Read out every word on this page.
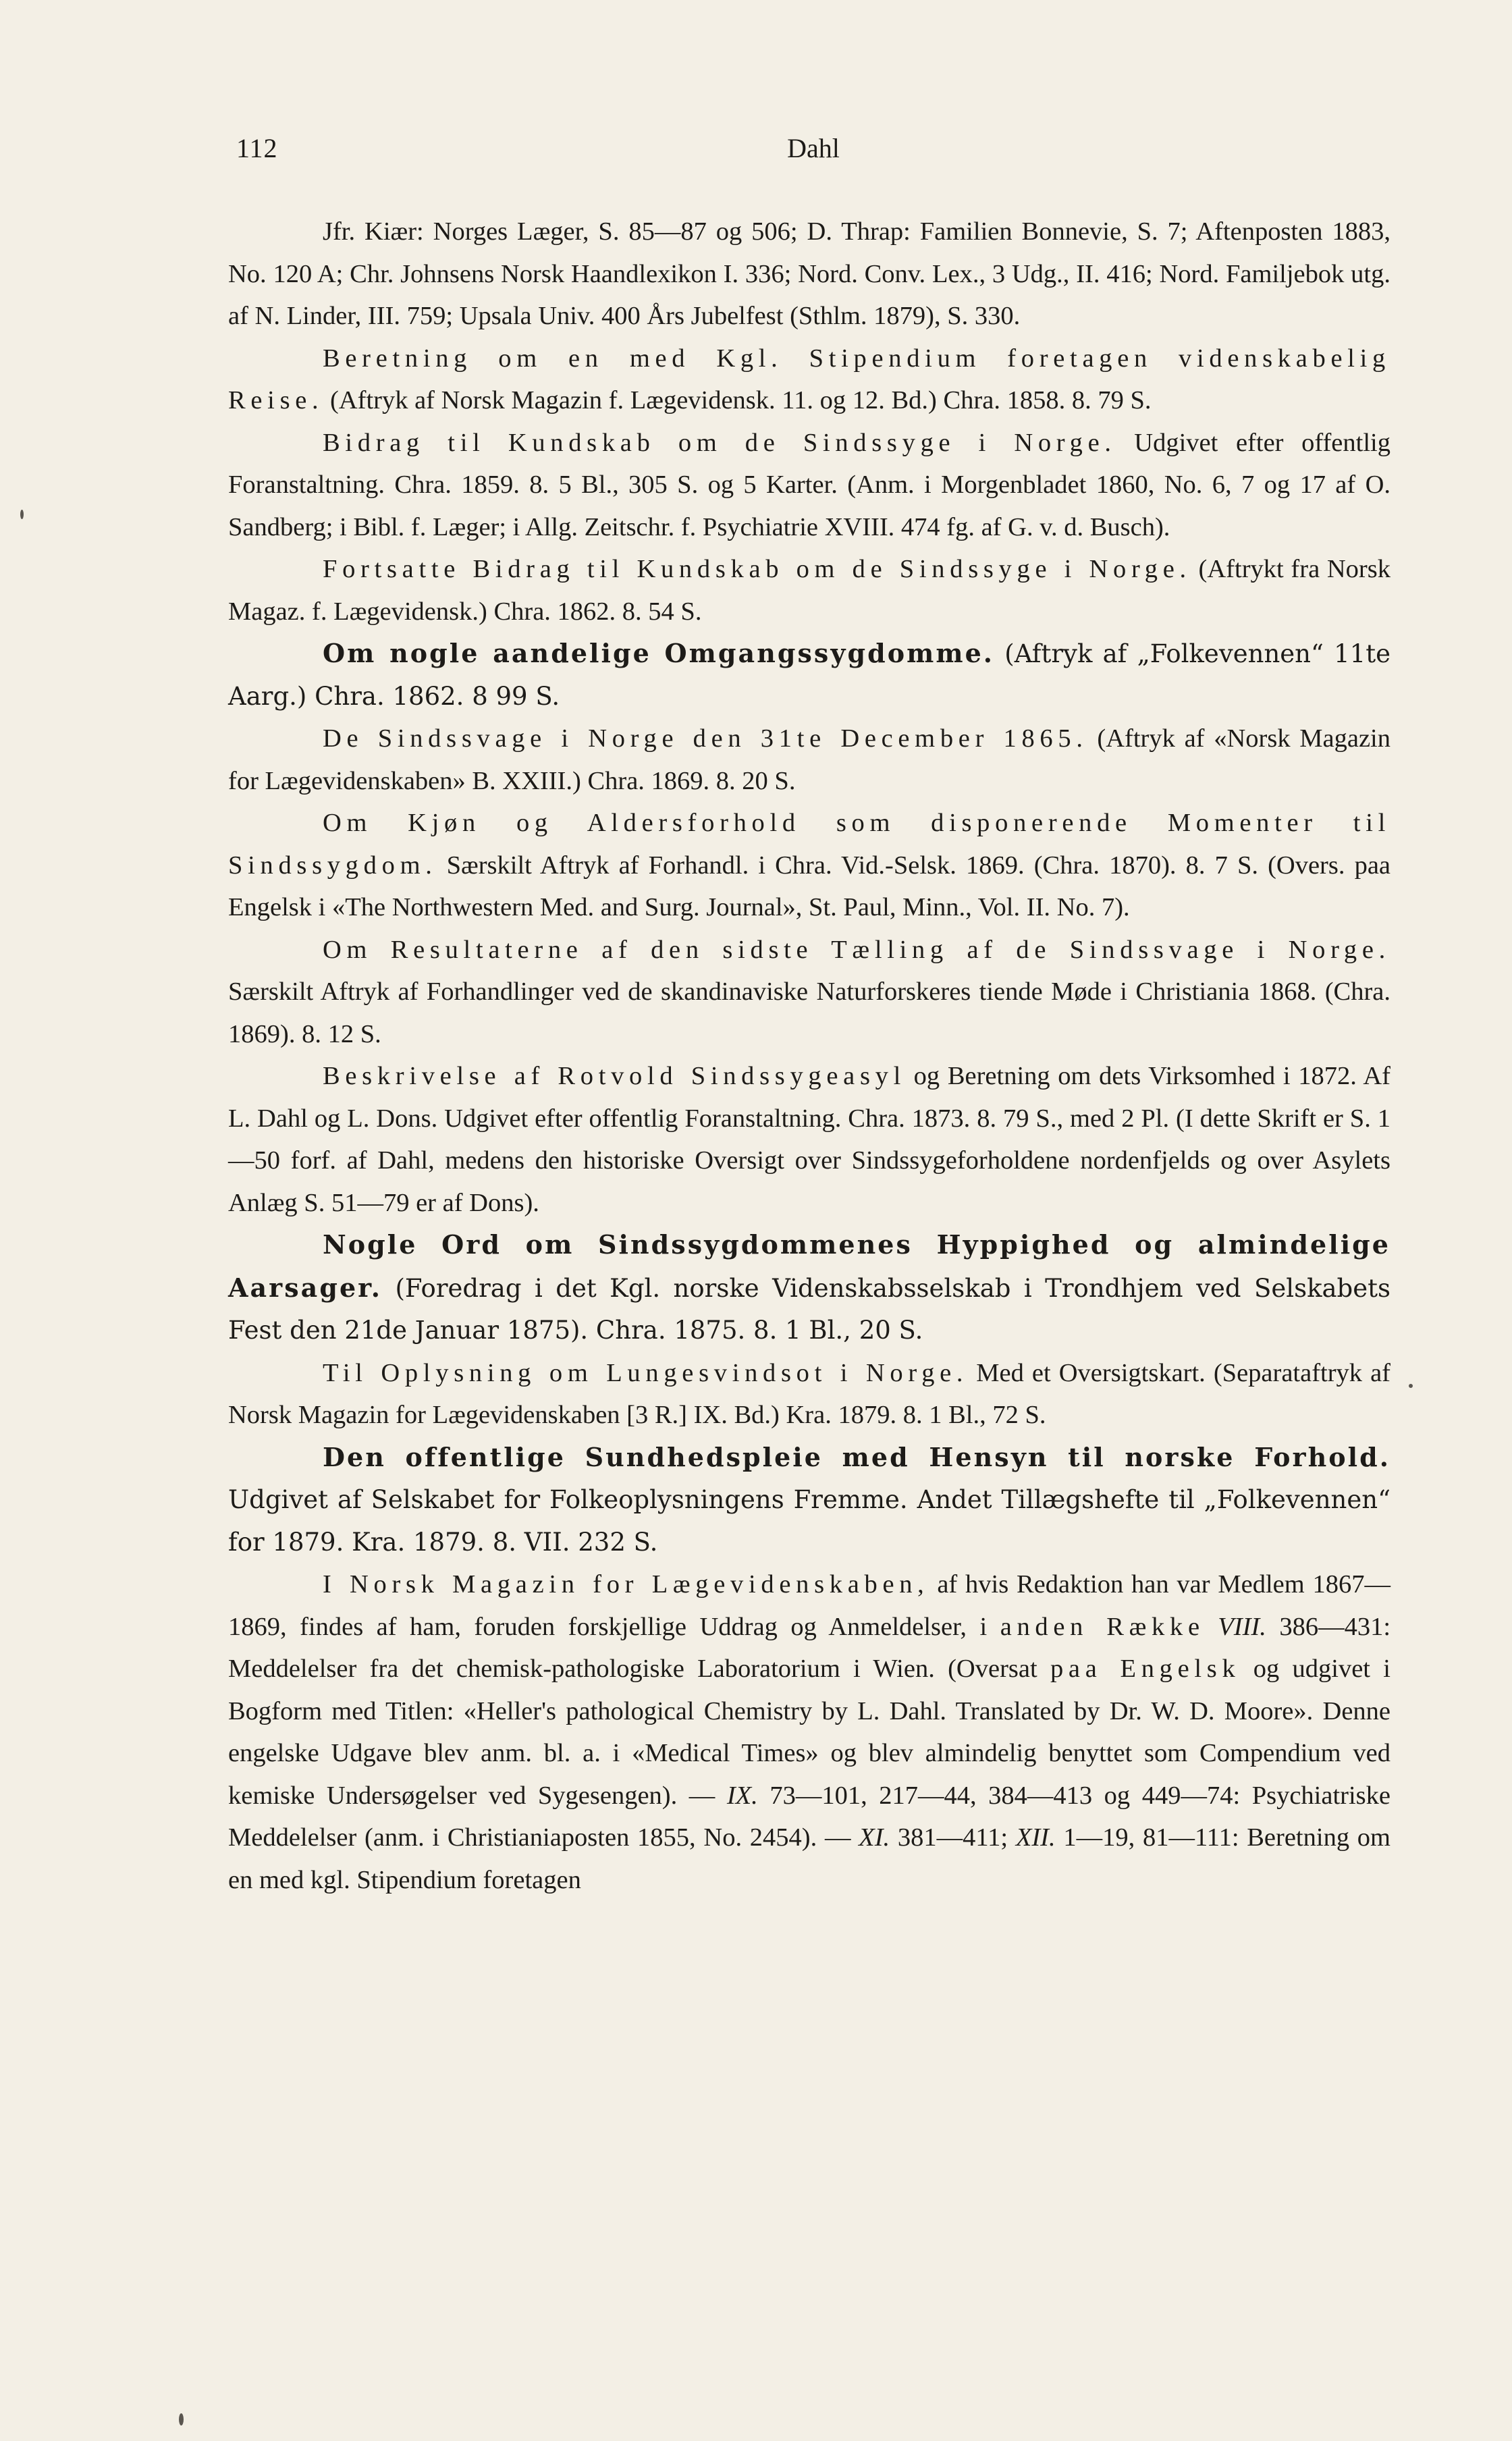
112	Dahl

Jfr. Kiær: Norges Læger, S. 85—87 og 506; D. Thrap: Familien Bonnevie, S. 7; Aftenposten 1883, No. 120 A; Chr. Johnsens Norsk Haandlexikon I. 336; Nord. Conv. Lex., 3 Udg., II. 416; Nord. Familjebok utg. af N. Linder, III. 759; Upsala Univ. 400 Års Jubelfest (Sthlm. 1879), S. 330.

Beretning om en med Kgl. Stipendium foretagen videnskabelig Reise. (Aftryk af Norsk Magazin f. Lægevidensk. 11. og 12. Bd.) Chra. 1858. 8. 79 S.

Bidrag til Kundskab om de Sindssyge i Norge. Udgivet efter offentlig Foranstaltning. Chra. 1859. 8. 5 Bl., 305 S. og 5 Karter. (Anm. i Morgenbladet 1860, No. 6, 7 og 17 af O. Sandberg; i Bibl. f. Læger; i Allg. Zeitschr. f. Psychiatrie XVIII. 474 fg. af G. v. d. Busch).

Fortsatte Bidrag til Kundskab om de Sindssyge i Norge. (Aftrykt fra Norsk Magaz. f. Lægevidensk.) Chra. 1862. 8. 54 S.

Om nogle aandelige Omgangssygdomme. (Aftryk af „Folkevennen“ 11te Aarg.) Chra. 1862. 8 99 S.

De Sindssvage i Norge den 31te December 1865. (Aftryk af «Norsk Magazin for Lægevidenskaben» B. XXIII.) Chra. 1869. 8. 20 S.

Om Kjøn og Aldersforhold som disponerende Momenter til Sindssygdom. Særskilt Aftryk af Forhandl. i Chra. Vid.-Selsk. 1869. (Chra. 1870). 8. 7 S. (Overs. paa Engelsk i «The Northwestern Med. and Surg. Journal», St. Paul, Minn., Vol. II. No. 7).

Om Resultaterne af den sidste Tælling af de Sindssvage i Norge. Særskilt Aftryk af Forhandlinger ved de skandinaviske Naturforskeres tiende Møde i Christiania 1868. (Chra. 1869). 8. 12 S.

Beskrivelse af Rotvold Sindssygeasyl og Beretning om dets Virksomhed i 1872. Af L. Dahl og L. Dons. Udgivet efter offentlig Foranstaltning. Chra. 1873. 8. 79 S., med 2 Pl. (I dette Skrift er S. 1—50 forf. af Dahl, medens den historiske Oversigt over Sindssygeforholdene nordenfjelds og over Asylets Anlæg S. 51—79 er af Dons).

Nogle Ord om Sindssygdommenes Hyppighed og almindelige Aarsager. (Foredrag i det Kgl. norske Videnskabsselskab i Trondhjem ved Selskabets Fest den 21de Januar 1875). Chra. 1875. 8. 1 Bl., 20 S.

Til Oplysning om Lungesvindsot i Norge. Med et Oversigtskart. (Separataftryk af Norsk Magazin for Lægevidenskaben [3 R.] IX. Bd.) Kra. 1879. 8. 1 Bl., 72 S.

Den offentlige Sundhedspleie med Hensyn til norske Forhold. Udgivet af Selskabet for Folkeoplysningens Fremme. Andet Tillægshefte til „Folkevennen“ for 1879. Kra. 1879. 8. VII. 232 S.

I Norsk Magazin for Lægevidenskaben, af hvis Redaktion han var Medlem 1867—1869, findes af ham, foruden forskjellige Uddrag og Anmeldelser, i anden Række VIII. 386—431: Meddelelser fra det chemisk-pathologiske Laboratorium i Wien. (Oversat paa Engelsk og udgivet i Bogform med Titlen: «Heller's pathological Chemistry by L. Dahl. Translated by Dr. W. D. Moore». Denne engelske Udgave blev anm. bl. a. i «Medical Times» og blev almindelig benyttet som Compendium ved kemiske Undersøgelser ved Sygesengen). — IX. 73—101, 217—44, 384—413 og 449—74: Psychiatriske Meddelelser (anm. i Christianiaposten 1855, No. 2454). — XI. 381—411; XII. 1—19, 81—111: Beretning om en med kgl. Stipendium foretagen
